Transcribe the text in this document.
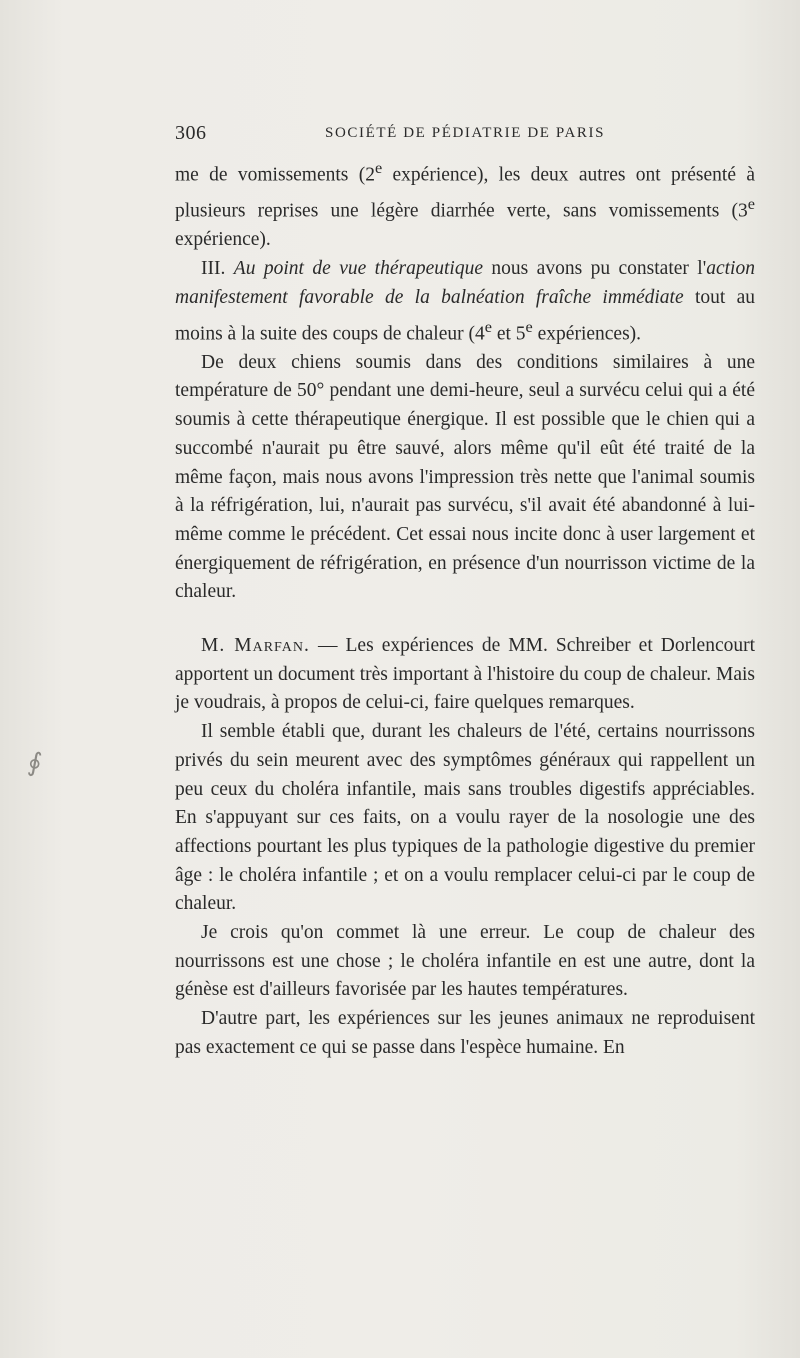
306	SOCIÉTÉ DE PÉDIATRIE DE PARIS
∮

me de vomissements (2e expérience), les deux autres ont présenté à plusieurs reprises une légère diarrhée verte, sans vomissements (3e expérience).

III. Au point de vue thérapeutique nous avons pu constater l'action manifestement favorable de la balnéation fraîche immédiate tout au moins à la suite des coups de chaleur (4e et 5e expériences).

De deux chiens soumis dans des conditions similaires à une température de 50° pendant une demi-heure, seul a survécu celui qui a été soumis à cette thérapeutique énergique. Il est possible que le chien qui a succombé n'aurait pu être sauvé, alors même qu'il eût été traité de la même façon, mais nous avons l'impression très nette que l'animal soumis à la réfrigération, lui, n'aurait pas survécu, s'il avait été abandonné à lui-même comme le précédent. Cet essai nous incite donc à user largement et énergiquement de réfrigération, en présence d'un nourrisson victime de la chaleur.

M. Marfan. — Les expériences de MM. Schreiber et Dorlencourt apportent un document très important à l'histoire du coup de chaleur. Mais je voudrais, à propos de celui-ci, faire quelques remarques.

Il semble établi que, durant les chaleurs de l'été, certains nourrissons privés du sein meurent avec des symptômes généraux qui rappellent un peu ceux du choléra infantile, mais sans troubles digestifs appréciables. En s'appuyant sur ces faits, on a voulu rayer de la nosologie une des affections pourtant les plus typiques de la pathologie digestive du premier âge : le choléra infantile ; et on a voulu remplacer celui-ci par le coup de chaleur.

Je crois qu'on commet là une erreur. Le coup de chaleur des nourrissons est une chose ; le choléra infantile en est une autre, dont la génèse est d'ailleurs favorisée par les hautes températures.

D'autre part, les expériences sur les jeunes animaux ne reproduisent pas exactement ce qui se passe dans l'espèce humaine. En
